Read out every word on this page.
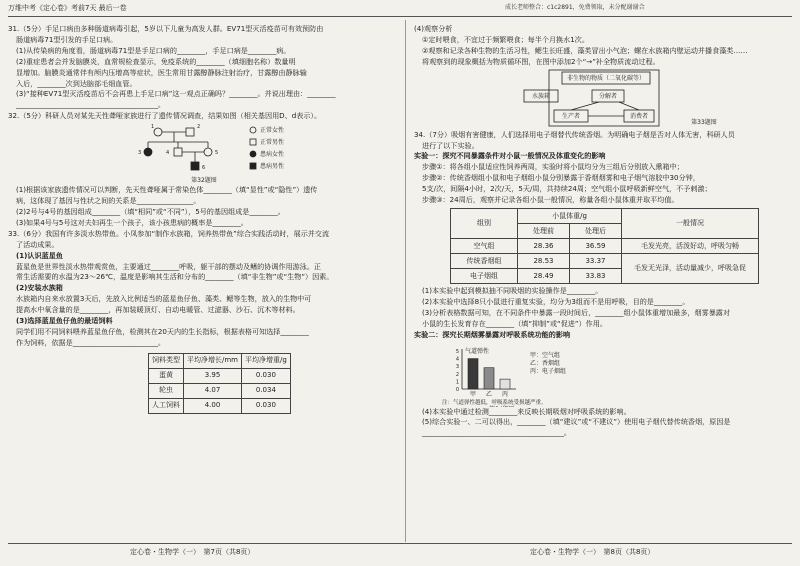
万维中考《定心卷》考前7天 最后一卷	成长老师整合：c1c2891，免费领取，未分配谢谢合

31.（5分）手足口病由多种肠道病毒引起，5岁以下儿童为高发人群。EV71型灭活疫苗可有效预防由

肠道病毒71型引发的手足口病。

(1)从传染病的角度看，肠道病毒71型是手足口病的________，手足口病是________病。

(2)重症患者会并发脑膜炎，血常规检查显示，免疫系统的________（填细胞名称）数量明

显增加。脑膜炎通常伴有颅内压增高等症状，医生常用甘露醇静脉注射治疗，甘露醇由静脉输

入后，________次到达脑部毛细血管。

(3)“接种EV71型灭活疫苗后不会再患上手足口病”这一观点正确吗？________。并说出理由：________

________________________________________。

32.（5分）科研人员对某先天性聋哑家族进行了遗传情况调查，结果如图（相关基因用D、d表示）。

1	2
3	4	5
6
正常女性
正常男性
患病女性
患病男性
第32题图

(1)根据该家族遗传情况可以判断，先天性聋哑属于常染色体________（填“显性”或“隐性”）遗传

病，这体现了基因与性状之间的关系是________________。

(2)2号与4号的基因组成________（填“相同”或“不同”），5号的基因组成是________。

(3)如果4号与5号这对夫妇再生一个孩子，该小孩患病的概率是________。

33.（6分）我国有许多淡水热带鱼。小凤参加“制作水族箱，饲养热带鱼”综合实践活动时，展示并交流

了活动成果。

(1)认识蓝星鱼

蓝星鱼是世界性淡水热带观赏鱼，主要通过________呼吸，躯干部的摆动及鳍的协调作用游泳。正

常生活需要的水温为23～26℃，温度是影响其生活和分布的________（填“非生物”或“生物”）因素。

(2)安装水族箱

水族箱内自来水放置3天后，先放入比例适当的蓝星鱼仔鱼、藻类、鳃等生物，放入的生物中可

提高水中氧含量的是________，再加装暖顶灯、自动电暖管、过滤器、沙石、沉木等材料。

(3)选择蓝星鱼仔鱼的最适饲料

同学们用不同饲料喂养蓝星鱼仔鱼，检测其在20天内的生长指标，根据表格可知选择________

作为饲料，依据是________________________。

饲料类型	平均净增长/mm	平均净增重/g
蛋黄	3.95	0.030
轮虫	4.07	0.034
人工饲料	4.00	0.030

(4)观察分析

①定时喂食，不宜过于频繁喂食；每半个月换水1次。

②观察和记录各种生物的生活习性，鳃生长旺盛，藻类冒出小气泡；螺在水族箱内壁运动并播食藻类……

将观察到的现象概括为物质循环图，在图中添加2个“→”补全物质流动过程。

水族箱
非生物的物质（二氧化碳等）
分解者
生产者	消费者
第33题图

34.（7分）吸烟有害健康，人们选择用电子烟替代传统香烟。为明确电子烟是否对人体无害，科研人员

进行了以下实验。

实验一：探究不同暴露条件对小鼠一般情况及体重变化的影响

步骤①：将各组小鼠适应性饲养两周，实验时将小鼠均分为三组后分别放入熏箱中；

步骤②：传统香烟组小鼠和电子烟组小鼠分别暴露于香烟烟雾和电子烟气溶胶中30分钟，

5支/次，间隔4小时，2次/天，5天/周，共持续24周；空气组小鼠呼吸新鲜空气，不予刺激；

步骤③：24周后，观察并记录各组小鼠一般情况，称量各组小鼠体重并取平均值。

组别	小鼠体重/g		一般情况
	处理前	处理后	
空气组	28.36	36.59	毛发光亮，活泼好动，呼吸匀畅
传统香烟组	28.53	33.37	毛发无光泽，活动量减少，呼吸急促
电子烟组	28.49	33.83	

(1)本实验中起到模拟抽不同吸烟的实验操作是________。

(2)本实验中选择8只小鼠进行重复实验，均分为3组而不是用呼吸，目的是________。

(3)分析表格数据可知，在不同条件中暴露一段时间后，________组小鼠体重增加最多，烟雾暴露对

小鼠的生长发育存在________（填“抑制”或“促进”）作用。

实验二：探究长期烟雾暴露对呼吸系统功能的影响

0
1
2
3
4
5 气道弹性
甲 乙 丙
甲：空气组
乙：香烟组
丙：电子烟组
注：气道弹性越低，呼吸系统受损越严重。

(4)本实验中通过检测________来反映长期吸烟对呼吸系统的影响。

(5)综合实验一、二可以得出，________（填“建议”或“不建议”）使用电子烟代替传统香烟，原因是

________________________________________。

定心卷・生物学（一）　第7页（共8页）	定心卷・生物学（一）　第8页（共8页）
